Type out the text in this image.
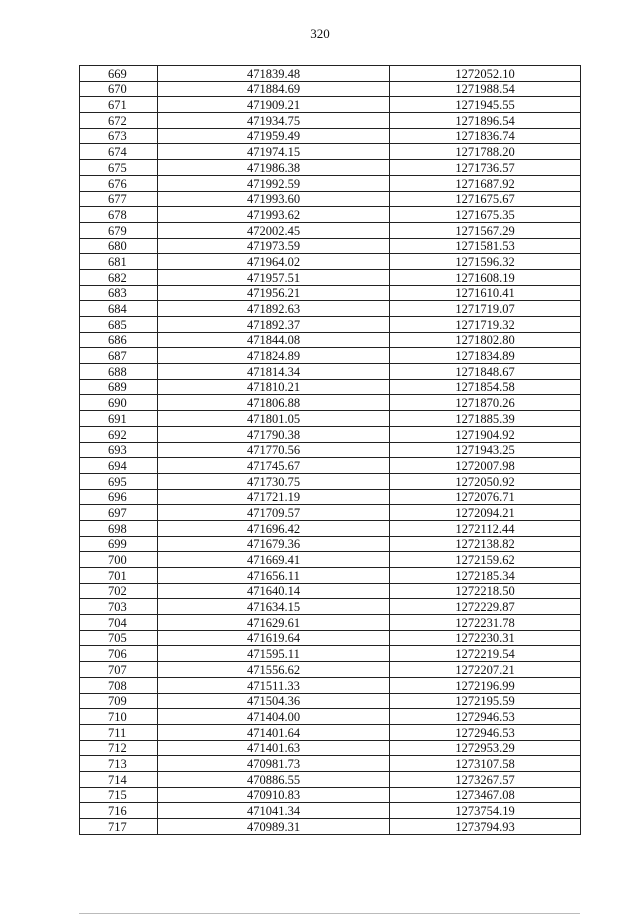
320
669	471839.48	1272052.10
670	471884.69	1271988.54
671	471909.21	1271945.55
672	471934.75	1271896.54
673	471959.49	1271836.74
674	471974.15	1271788.20
675	471986.38	1271736.57
676	471992.59	1271687.92
677	471993.60	1271675.67
678	471993.62	1271675.35
679	472002.45	1271567.29
680	471973.59	1271581.53
681	471964.02	1271596.32
682	471957.51	1271608.19
683	471956.21	1271610.41
684	471892.63	1271719.07
685	471892.37	1271719.32
686	471844.08	1271802.80
687	471824.89	1271834.89
688	471814.34	1271848.67
689	471810.21	1271854.58
690	471806.88	1271870.26
691	471801.05	1271885.39
692	471790.38	1271904.92
693	471770.56	1271943.25
694	471745.67	1272007.98
695	471730.75	1272050.92
696	471721.19	1272076.71
697	471709.57	1272094.21
698	471696.42	1272112.44
699	471679.36	1272138.82
700	471669.41	1272159.62
701	471656.11	1272185.34
702	471640.14	1272218.50
703	471634.15	1272229.87
704	471629.61	1272231.78
705	471619.64	1272230.31
706	471595.11	1272219.54
707	471556.62	1272207.21
708	471511.33	1272196.99
709	471504.36	1272195.59
710	471404.00	1272946.53
711	471401.64	1272946.53
712	471401.63	1272953.29
713	470981.73	1273107.58
714	470886.55	1273267.57
715	470910.83	1273467.08
716	471041.34	1273754.19
717	470989.31	1273794.93
